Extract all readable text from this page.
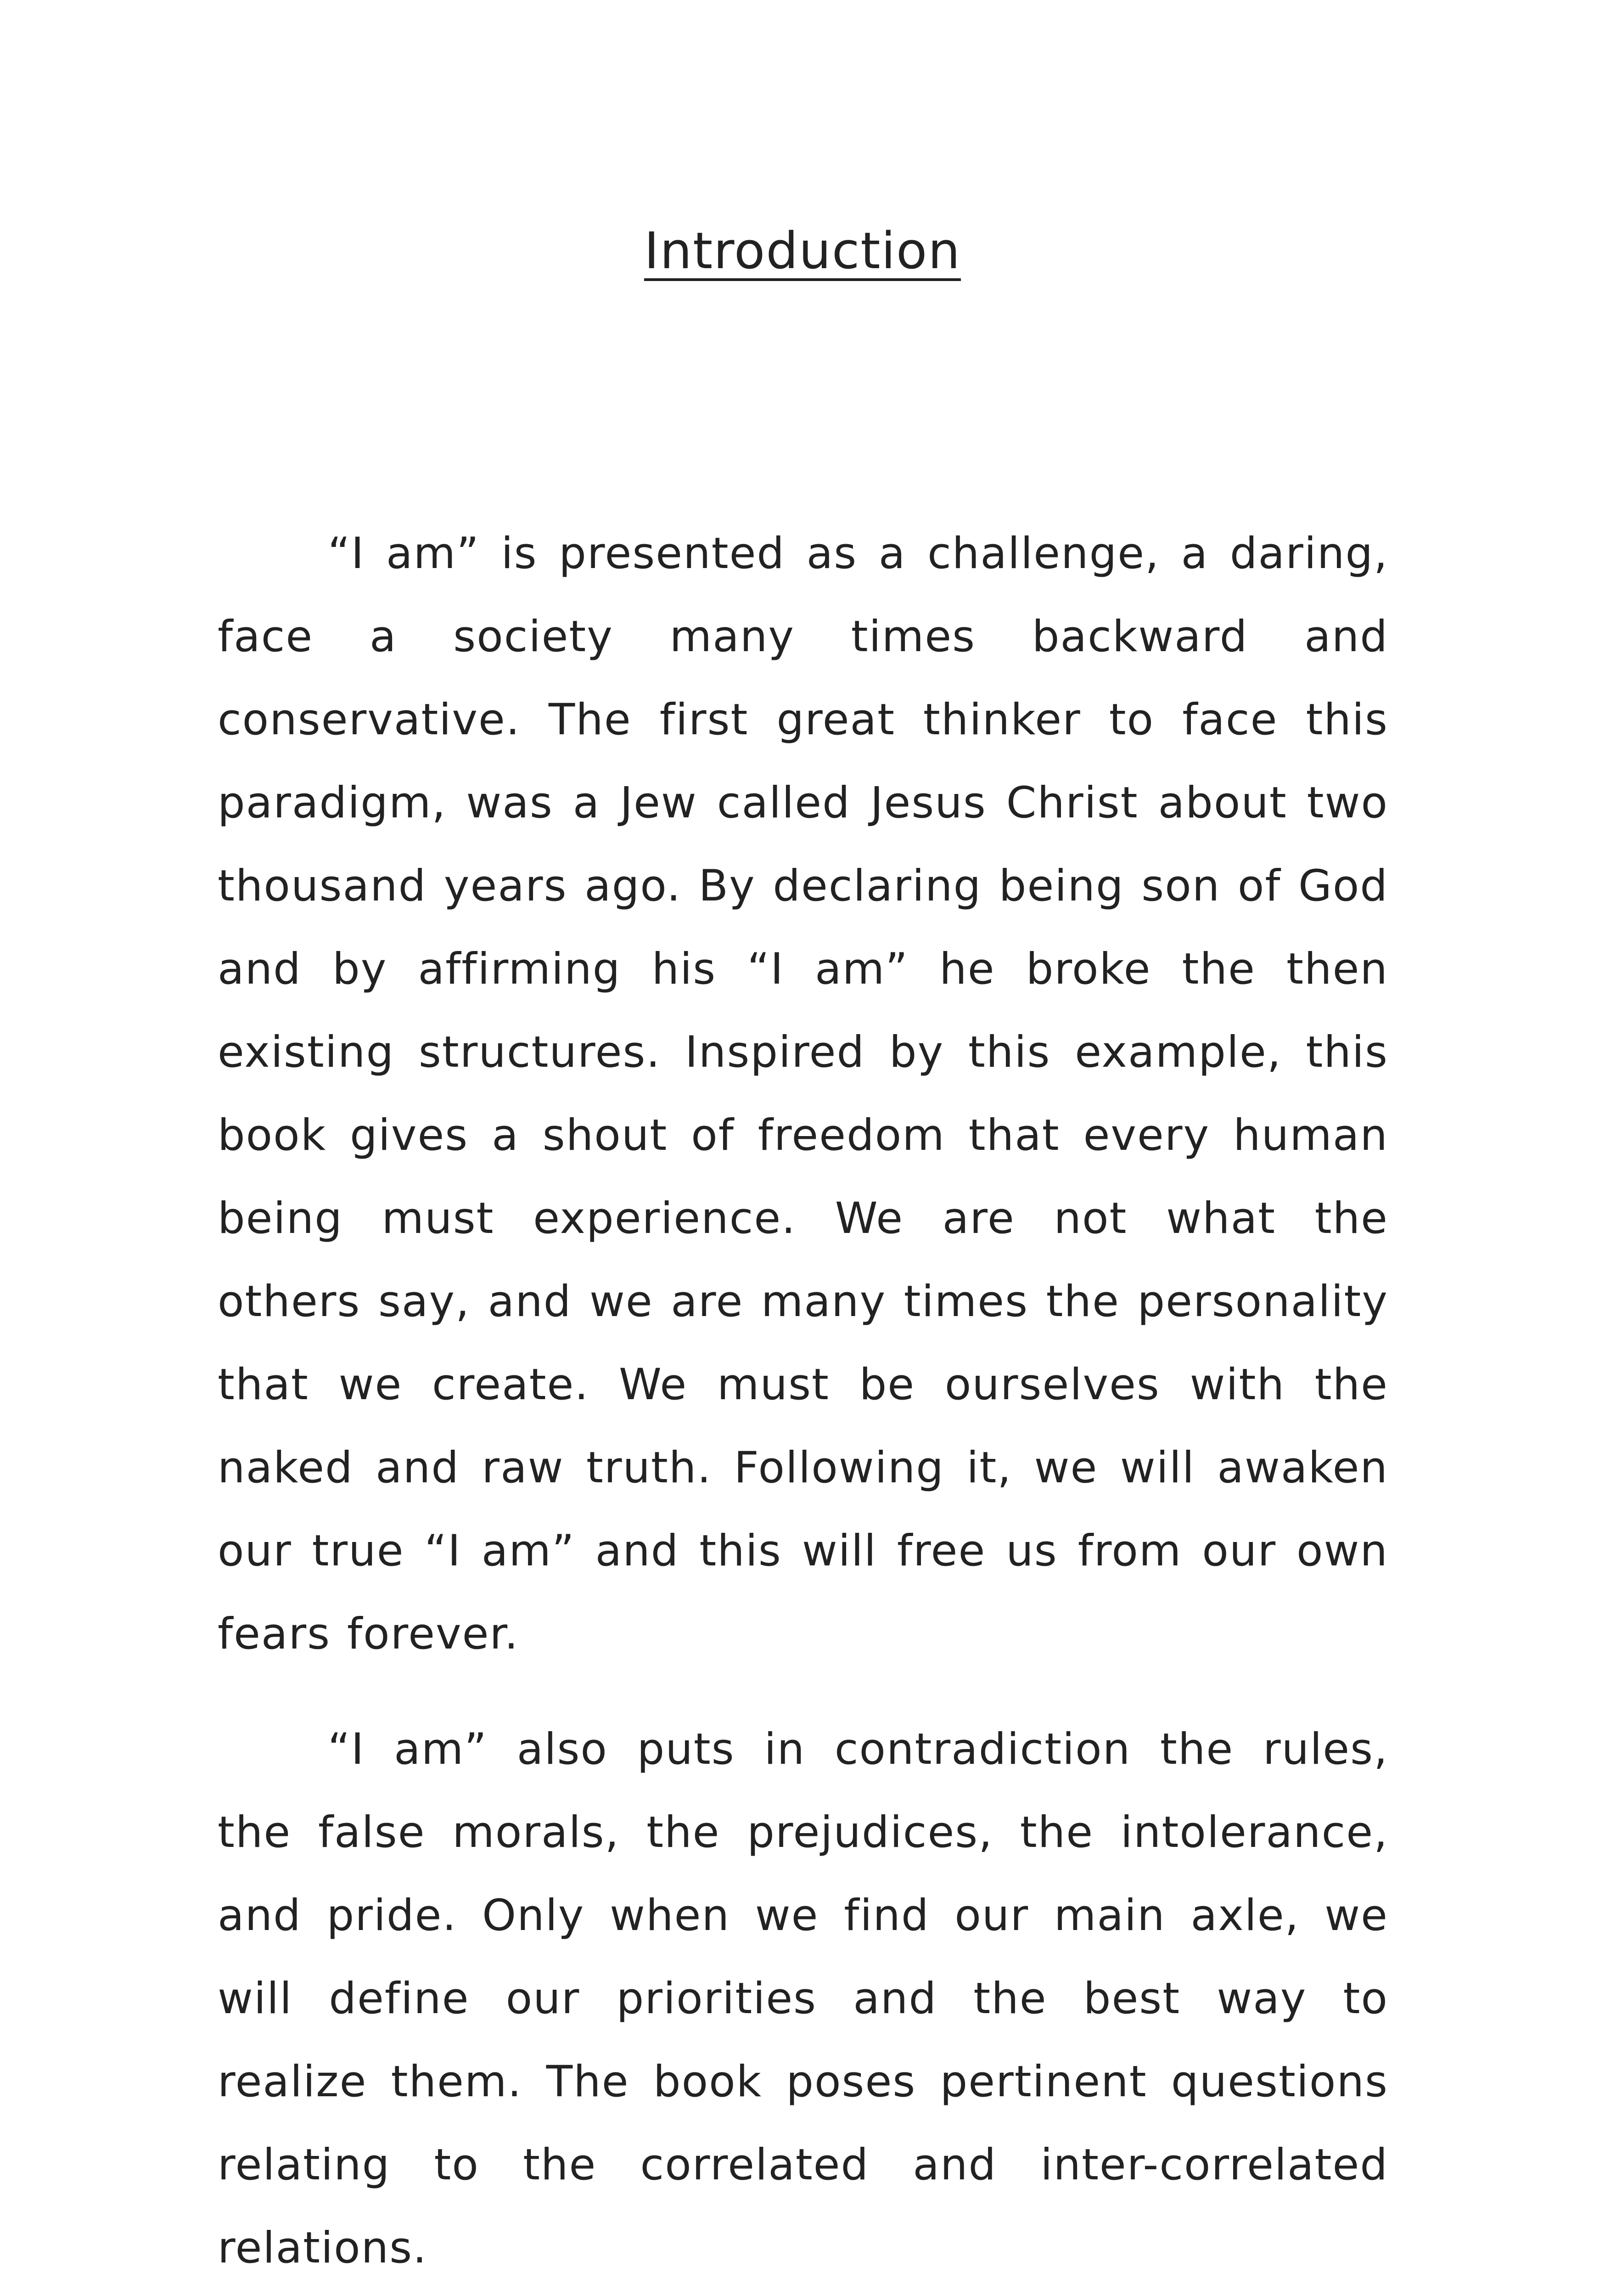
Introduction

“I am” is presented as a challenge, a daring, face a society many times backward and conservative. The first great thinker to face this paradigm, was a Jew called Jesus Christ about two thousand years ago. By declaring being son of God and by affirming his “I am” he broke the then existing structures. Inspired by this example, this book gives a shout of freedom that every human being must experience. We are not what the others say, and we are many times the personality that we create. We must be ourselves with the naked and raw truth. Following it, we will awaken our true “I am” and this will free us from our own fears forever.

“I am” also puts in contradiction the rules, the false morals, the prejudices, the intolerance, and pride. Only when we find our main axle, we will define our priorities and the best way to realize them. The book poses pertinent questions relating to the correlated and inter-correlated relations.
